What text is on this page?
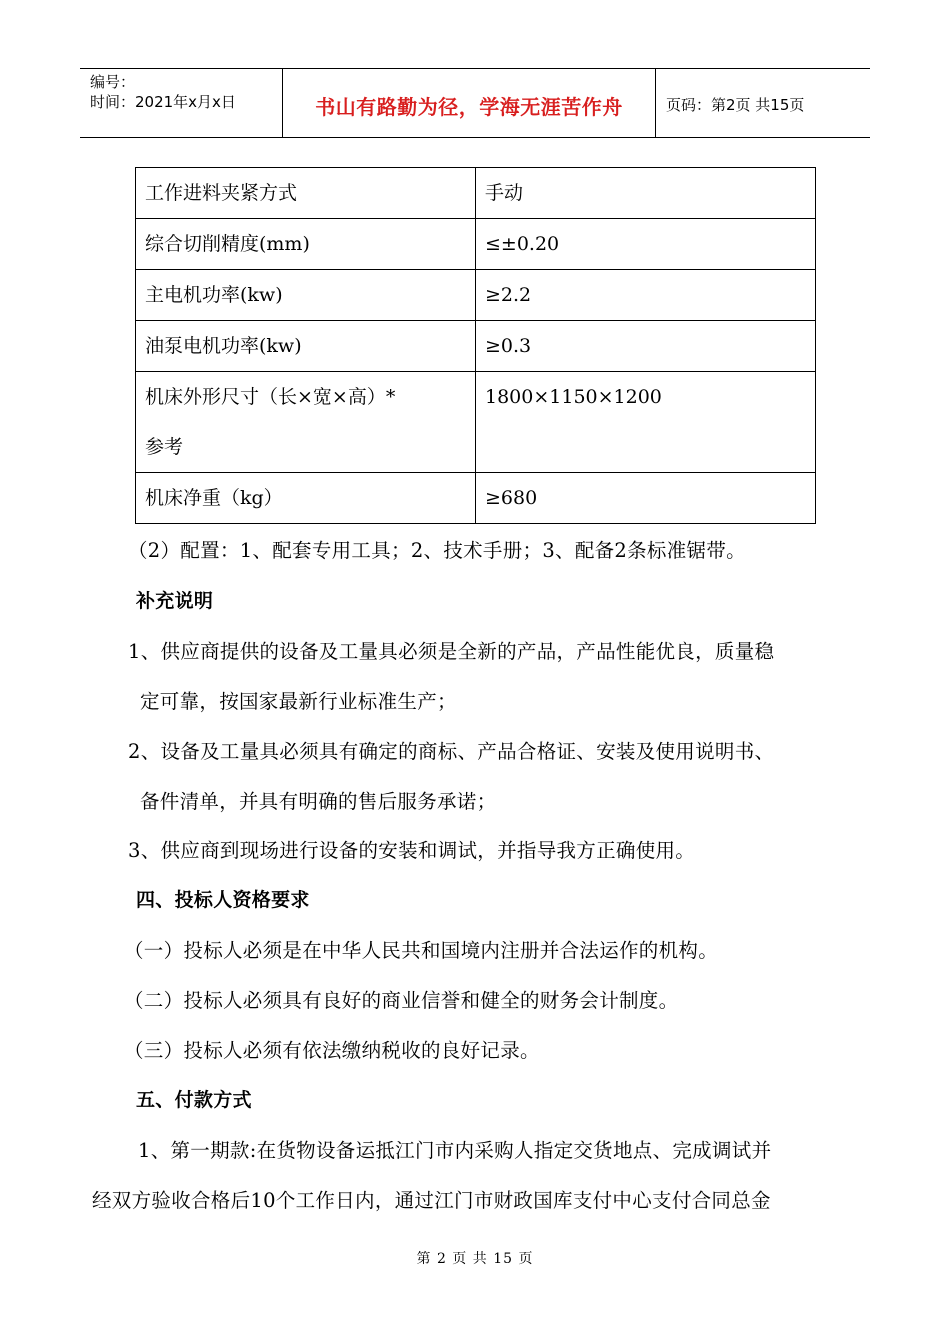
编号：
时间：2021年x月x日	书山有路勤为径，学海无涯苦作舟	页码：第2页 共15页
工作进料夹紧方式	手动
综合切削精度(mm)	≤±0.20
主电机功率(kw)	≥2.2
油泵电机功率(kw)	≥0.3

机床外形尺寸（长×宽×高）*
参考	1800×1150×1200
机床净重（kg）	≥680
（2）配置：1、配套专用工具；2、技术手册；3、配备2条标准锯带。
补充说明
1、供应商提供的设备及工量具必须是全新的产品，产品性能优良，质量稳
定可靠，按国家最新行业标准生产；
2、设备及工量具必须具有确定的商标、产品合格证、安装及使用说明书、
备件清单，并具有明确的售后服务承诺；
3、供应商到现场进行设备的安装和调试，并指导我方正确使用。
四、投标人资格要求
（一）投标人必须是在中华人民共和国境内注册并合法运作的机构。
（二）投标人必须具有良好的商业信誉和健全的财务会计制度。
（三）投标人必须有依法缴纳税收的良好记录。
五、付款方式
1、第一期款:在货物设备运抵江门市内采购人指定交货地点、完成调试并
经双方验收合格后10个工作日内，通过江门市财政国库支付中心支付合同总金
第 2 页 共 15 页
